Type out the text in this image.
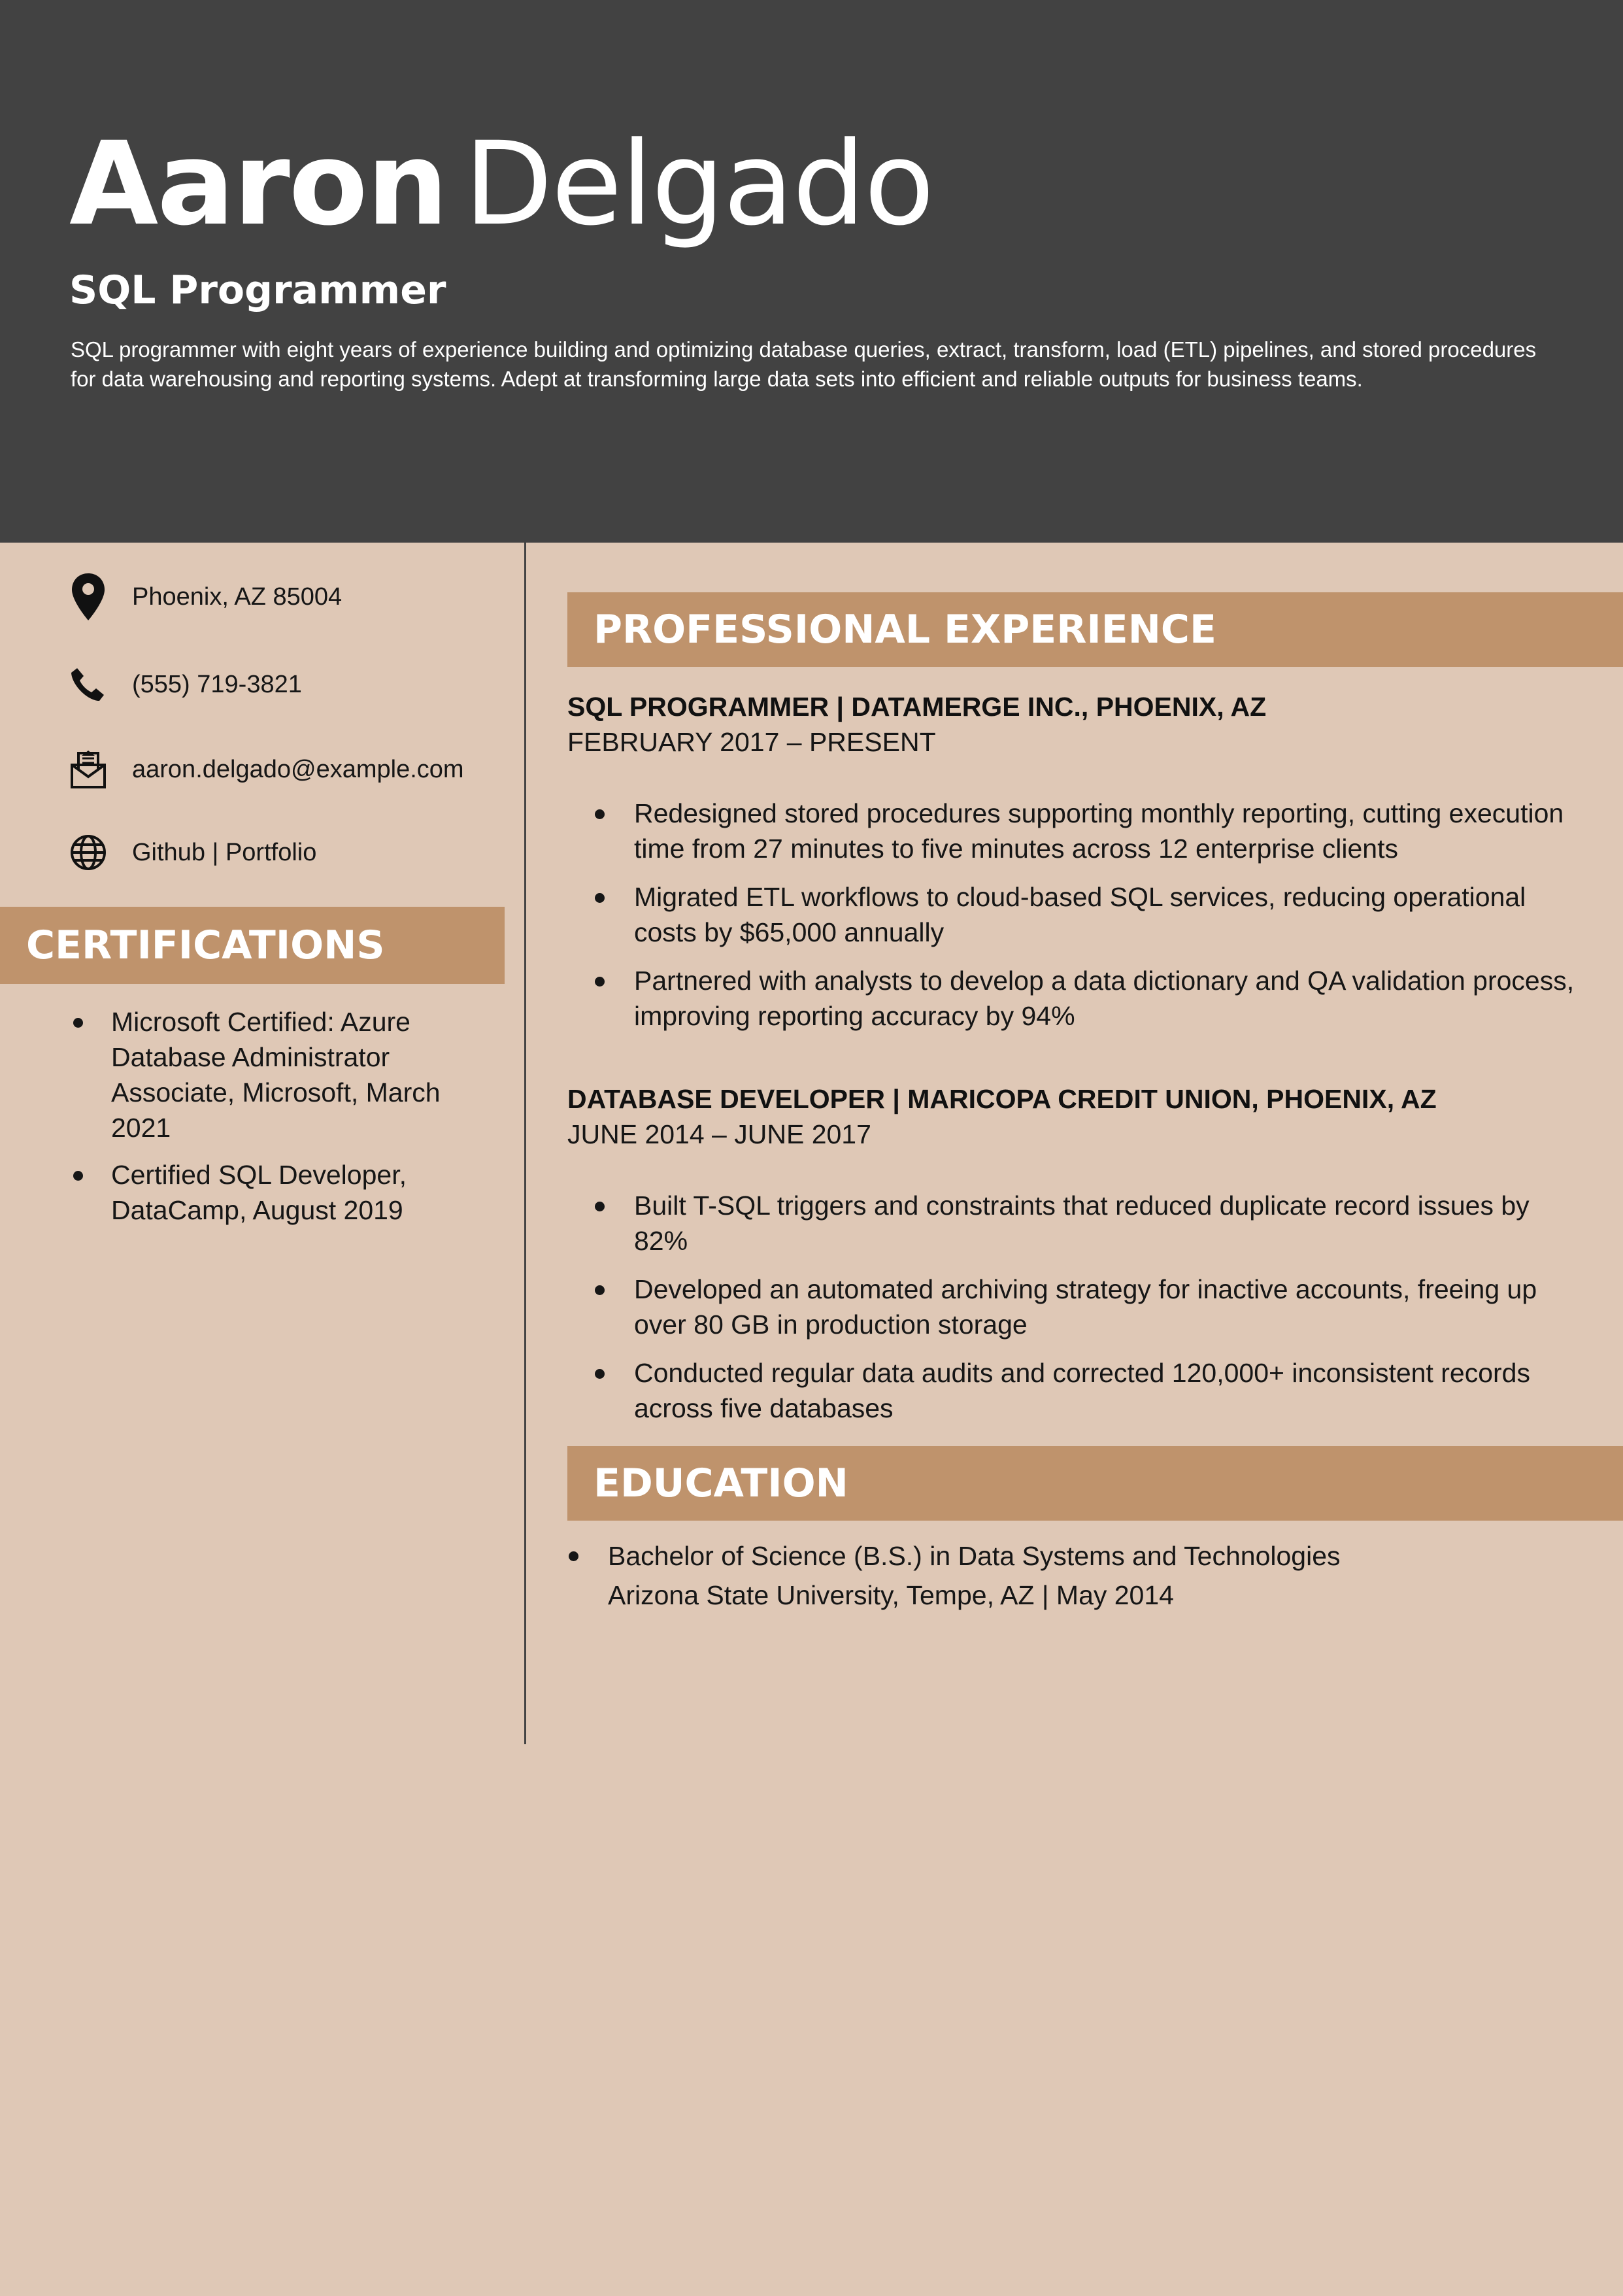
Aaron Delgado
SQL Programmer
SQL programmer with eight years of experience building and optimizing database queries, extract, transform, load (ETL) pipelines, and stored procedures for data warehousing and reporting systems. Adept at transforming large data sets into efficient and reliable outputs for business teams.
Phoenix, AZ 85004
(555) 719-3821
aaron.delgado@example.com
Github | Portfolio
CERTIFICATIONS
Microsoft Certified: Azure Database Administrator Associate, Microsoft, March 2021
Certified SQL Developer, DataCamp, August 2019
PROFESSIONAL EXPERIENCE
SQL PROGRAMMER | DATAMERGE INC., PHOENIX, AZ
FEBRUARY 2017 – PRESENT
Redesigned stored procedures supporting monthly reporting, cutting execution time from 27 minutes to five minutes across 12 enterprise clients
Migrated ETL workflows to cloud-based SQL services, reducing operational costs by $65,000 annually
Partnered with analysts to develop a data dictionary and QA validation process, improving reporting accuracy by 94%
DATABASE DEVELOPER | MARICOPA CREDIT UNION, PHOENIX, AZ
JUNE 2014 – JUNE 2017
Built T-SQL triggers and constraints that reduced duplicate record issues by 82%
Developed an automated archiving strategy for inactive accounts, freeing up over 80 GB in production storage
Conducted regular data audits and corrected 120,000+ inconsistent records across five databases
EDUCATION
Bachelor of Science (B.S.) in Data Systems and Technologies
Arizona State University, Tempe, AZ | May 2014
